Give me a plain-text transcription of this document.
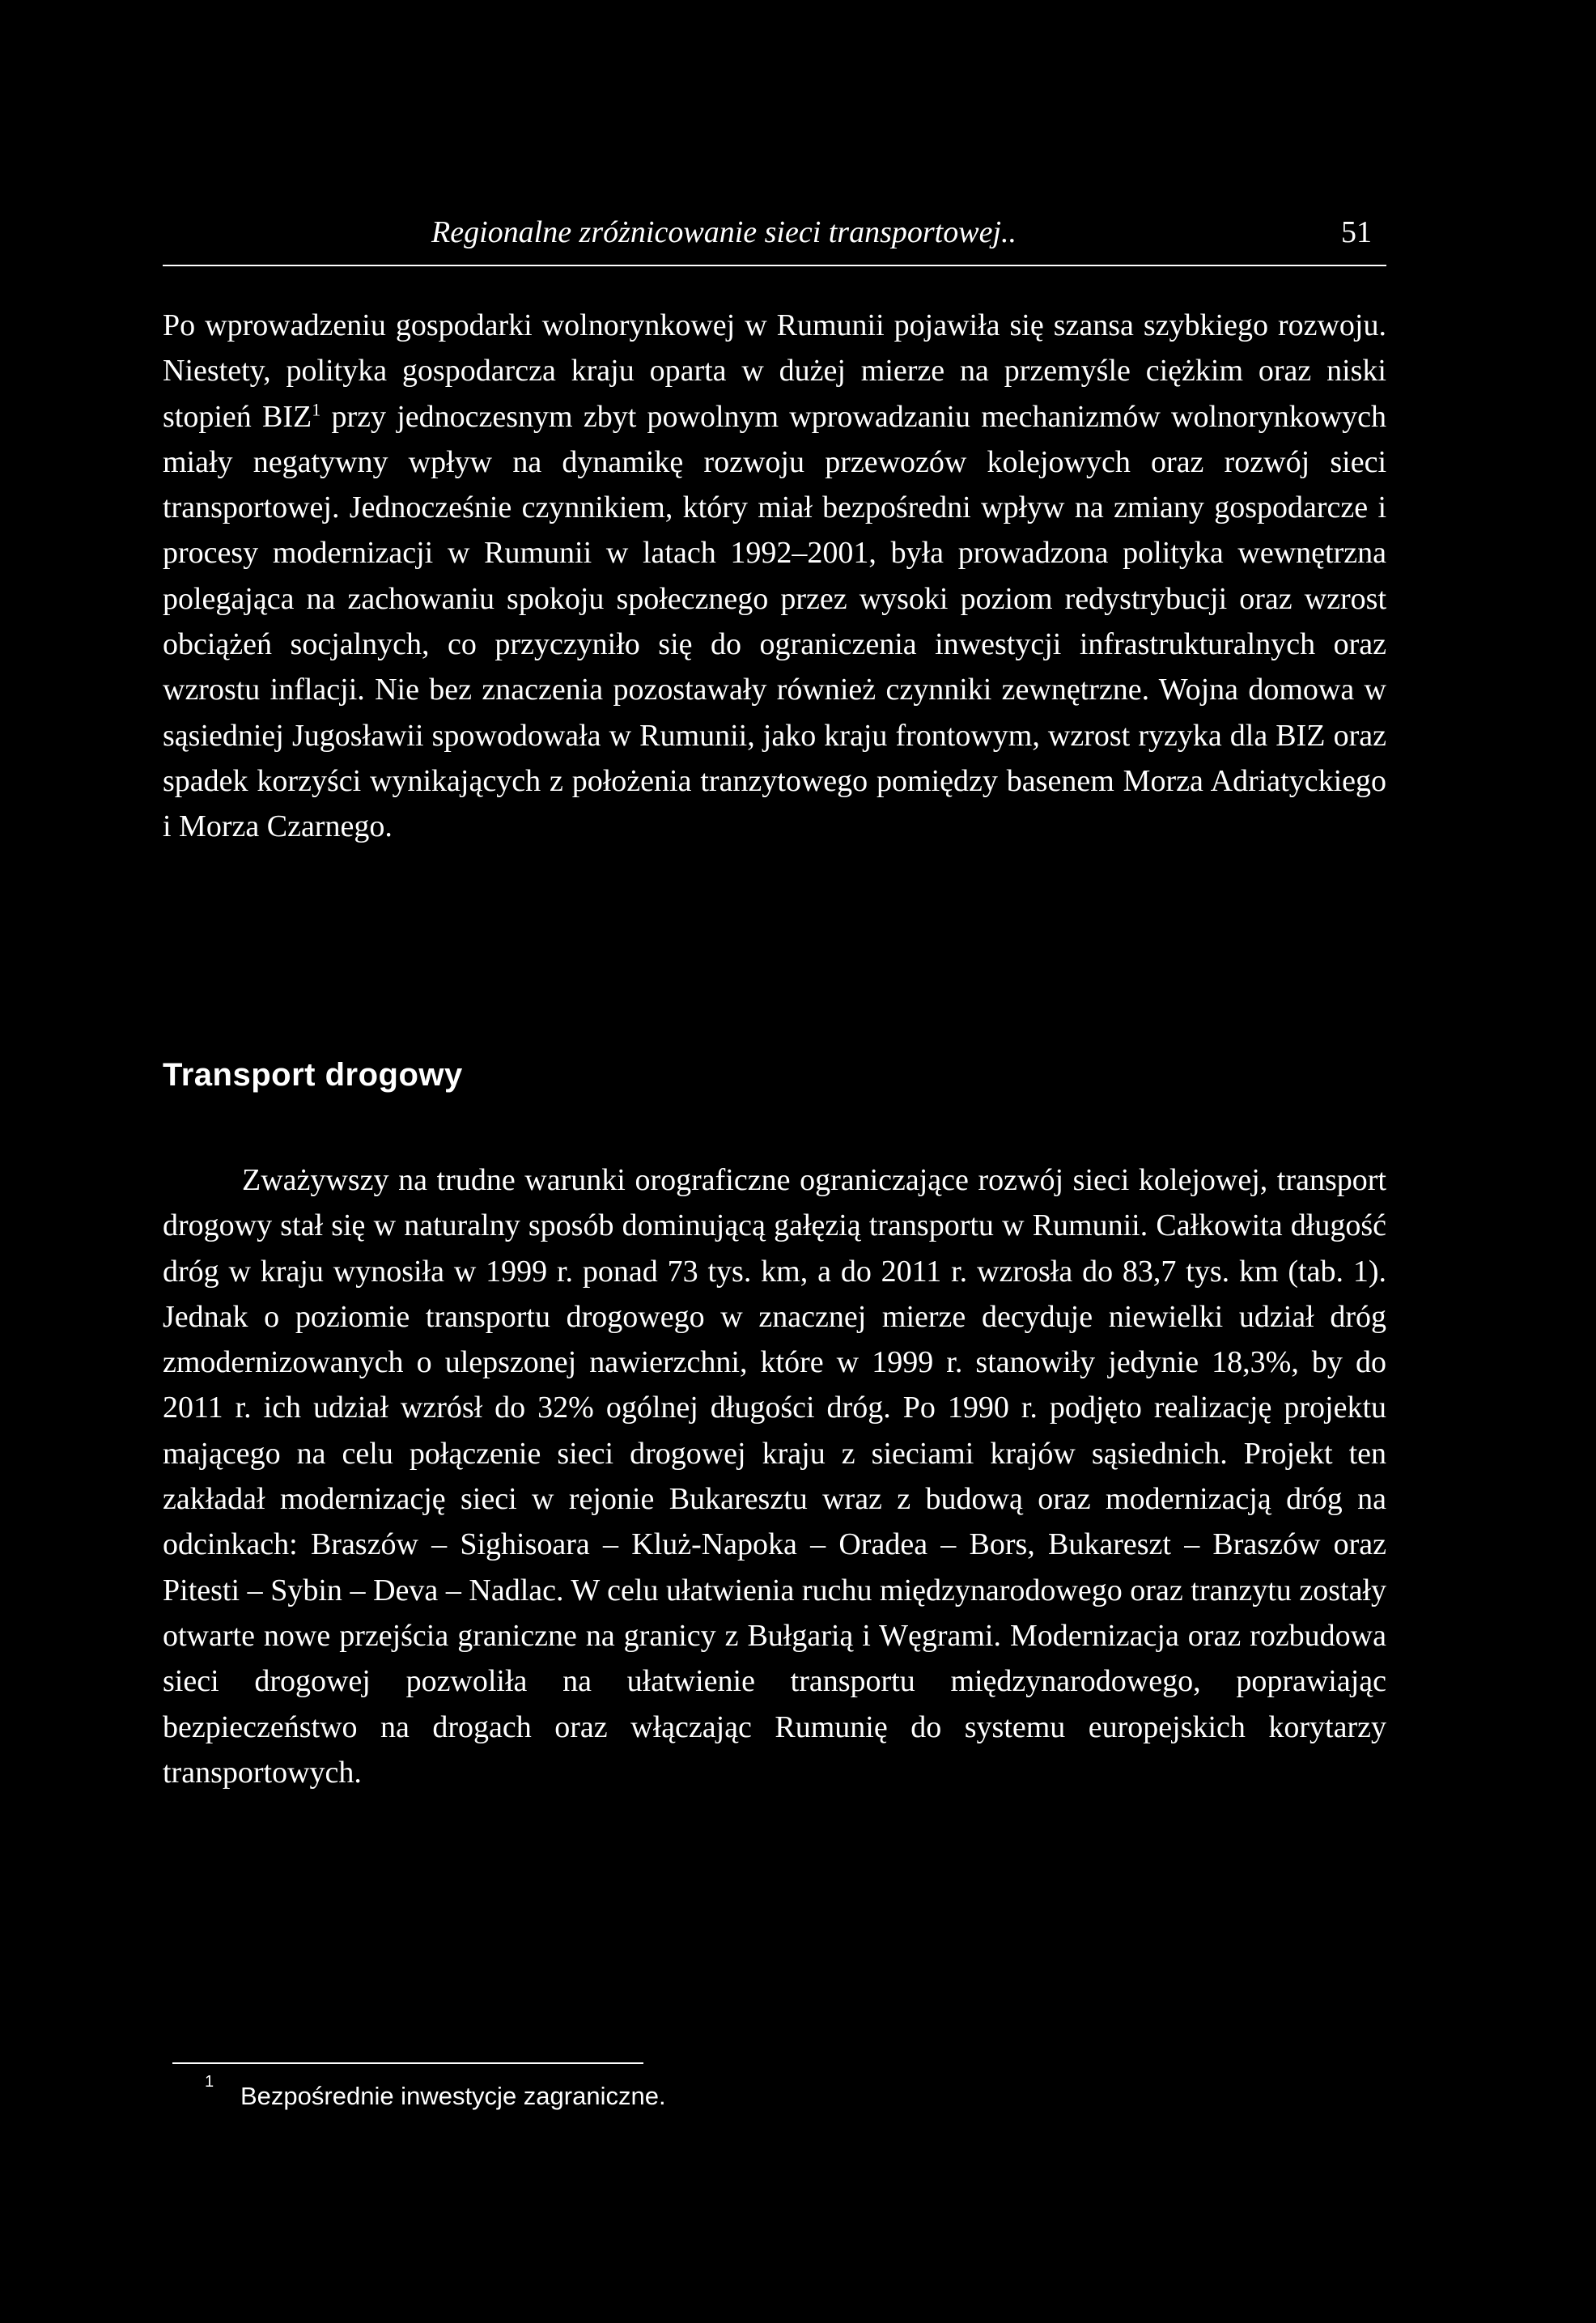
Regionalne zróżnicowanie sieci transportowej..	51

Po wprowadzeniu gospodarki wolnorynkowej w Rumunii pojawiła się szansa szybkiego rozwoju. Niestety, polityka gospodarcza kraju oparta w dużej mierze na przemyśle ciężkim oraz niski stopień BIZ$^1$ przy jednoczesnym zbyt powolnym wprowadzaniu mechanizmów wolnorynkowych miały negatywny wpływ na dynamikę rozwoju przewozów kolejowych oraz rozwój sieci transportowej. Jednocześnie czynnikiem, który miał bezpośredni wpływ na zmiany gospodarcze i procesy modernizacji w Rumunii w latach 1992–2001, była prowadzona polityka wewnętrzna polegająca na zachowaniu spokoju społecznego przez wysoki poziom redystrybucji oraz wzrost obciążeń socjalnych, co przyczyniło się do ograniczenia inwestycji infrastrukturalnych oraz wzrostu inflacji. Nie bez znaczenia pozostawały również czynniki zewnętrzne. Wojna domowa w sąsiedniej Jugosławii spowodowała w Rumunii, jako kraju frontowym, wzrost ryzyka dla BIZ oraz spadek korzyści wynikających z położenia tranzytowego pomiędzy basenem Morza Adriatyckiego i Morza Czarnego.

Transport drogowy

Zważywszy na trudne warunki orograficzne ograniczające rozwój sieci kolejowej, transport drogowy stał się w naturalny sposób dominującą gałęzią transportu w Rumunii. Całkowita długość dróg w kraju wynosiła w 1999 r. ponad 73 tys. km, a do 2011 r. wzrosła do 83,7 tys. km (tab. 1). Jednak o poziomie transportu drogowego w znacznej mierze decyduje niewielki udział dróg zmodernizowanych o ulepszonej nawierzchni, które w 1999 r. stanowiły jedynie 18,3%, by do 2011 r. ich udział wzrósł do 32% ogólnej długości dróg. Po 1990 r. podjęto realizację projektu mającego na celu połączenie sieci drogowej kraju z sieciami krajów sąsiednich. Projekt ten zakładał modernizację sieci w rejonie Bukaresztu wraz z budową oraz modernizacją dróg na odcinkach: Braszów – Sighisoara – Kluż-Napoka – Oradea – Bors, Bukareszt – Braszów oraz Pitesti – Sybin – Deva – Nadlac. W celu ułatwienia ruchu międzynarodowego oraz tranzytu zostały otwarte nowe przejścia graniczne na granicy z Bułgarią i Węgrami. Modernizacja oraz rozbudowa sieci drogowej pozwoliła na ułatwienie transportu międzynarodowego, poprawiając bezpieczeństwo na drogach oraz włączając Rumunię do systemu europejskich korytarzy transportowych.

1 Bezpośrednie inwestycje zagraniczne.
